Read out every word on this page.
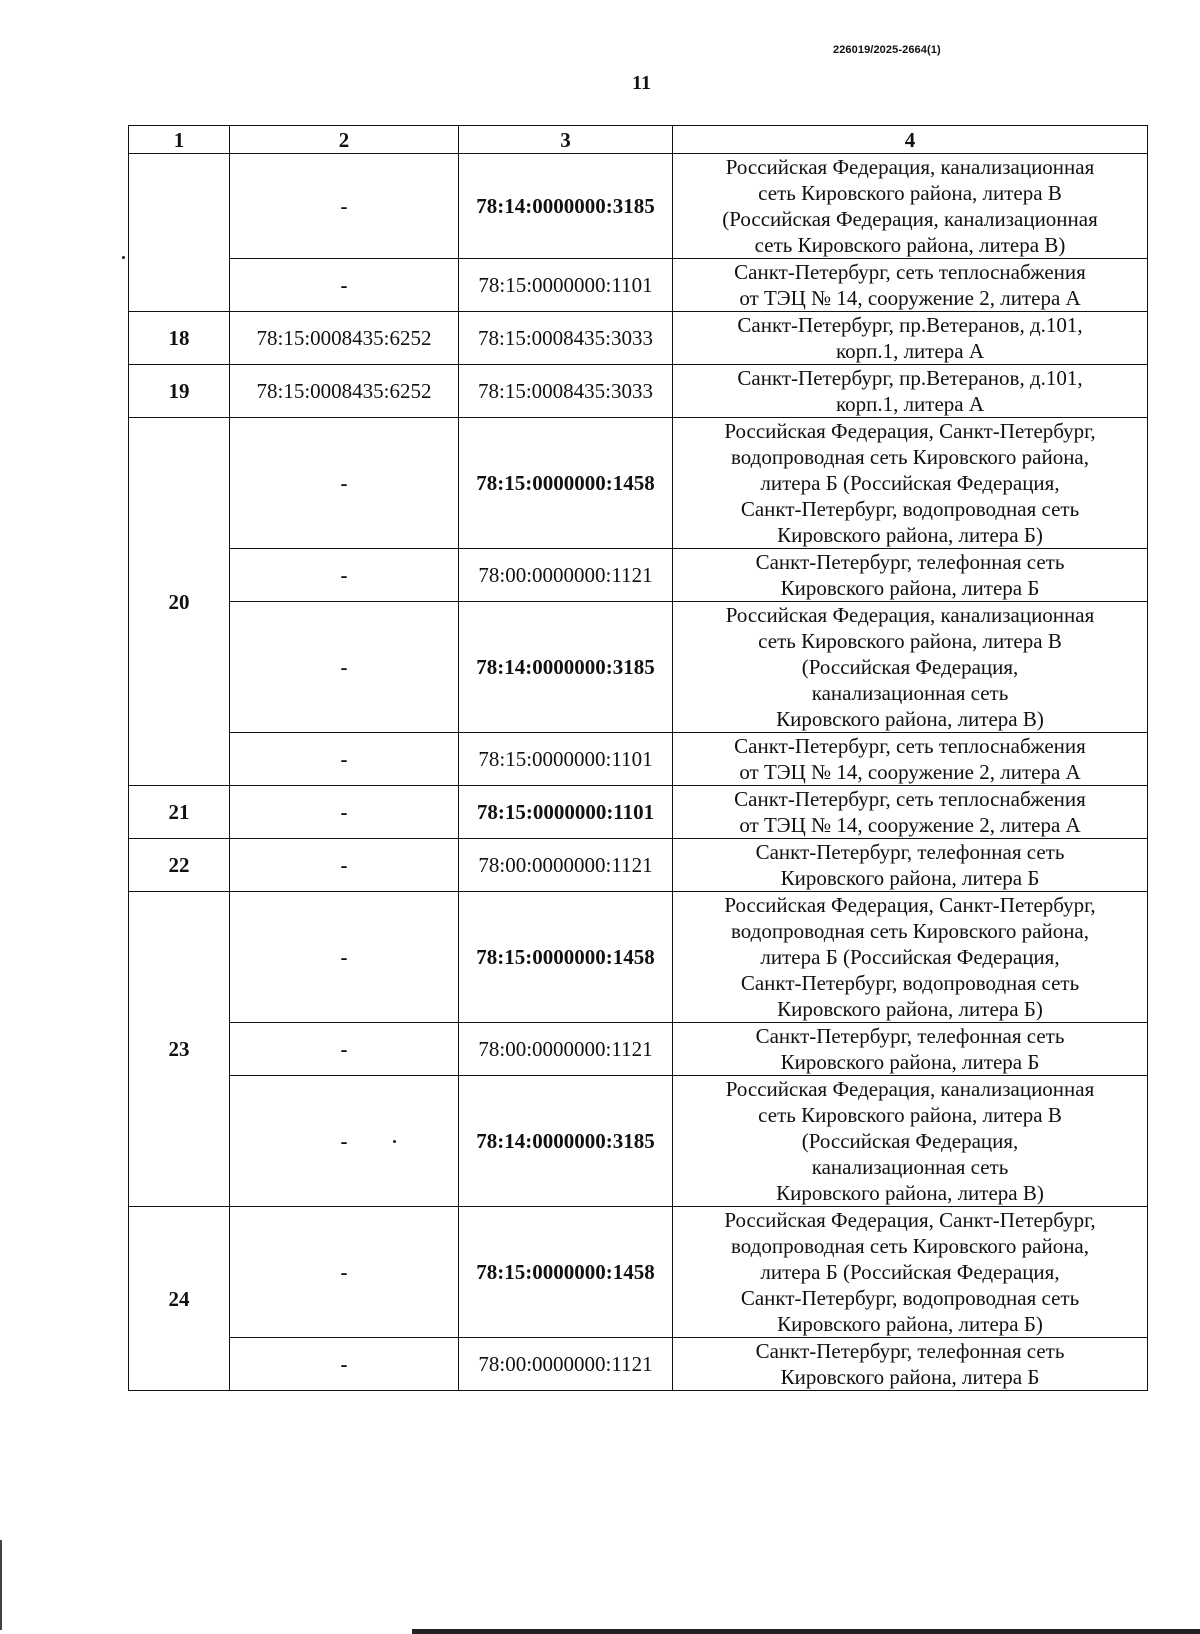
226019/2025-2664(1)
11
1	2	3	4
	-	78:14:0000000:3185	Российская Федерация, канализационная
сеть Кировского района, литера В
(Российская Федерация, канализационная
сеть Кировского района, литера В)

	-	78:15:0000000:1101	Санкт-Петербург, сеть теплоснабжения
от ТЭЦ № 14, сооружение 2, литера А

18	78:15:0008435:6252	78:15:0008435:3033	Санкт-Петербург, пр.Ветеранов, д.101,
корп.1, литера А

19	78:15:0008435:6252	78:15:0008435:3033	Санкт-Петербург, пр.Ветеранов, д.101,
корп.1, литера А

20	-	78:15:0000000:1458	Российская Федерация, Санкт-Петербург,
водопроводная сеть Кировского района,
литера Б (Российская Федерация,
Санкт-Петербург, водопроводная сеть
Кировского района, литера Б)

	-	78:00:0000000:1121	Санкт-Петербург, телефонная сеть
Кировского района, литера Б

	-	78:14:0000000:3185	Российская Федерация, канализационная
сеть Кировского района, литера В
(Российская Федерация,
канализационная сеть
Кировского района, литера В)

	-	78:15:0000000:1101	Санкт-Петербург, сеть теплоснабжения
от ТЭЦ № 14, сооружение 2, литера А

21	-	78:15:0000000:1101	Санкт-Петербург, сеть теплоснабжения
от ТЭЦ № 14, сооружение 2, литера А

22	-	78:00:0000000:1121	Санкт-Петербург, телефонная сеть
Кировского района, литера Б

23	-	78:15:0000000:1458	Российская Федерация, Санкт-Петербург,
водопроводная сеть Кировского района,
литера Б (Российская Федерация,
Санкт-Петербург, водопроводная сеть
Кировского района, литера Б)

	-	78:00:0000000:1121	Санкт-Петербург, телефонная сеть
Кировского района, литера Б

	-	78:14:0000000:3185	Российская Федерация, канализационная
сеть Кировского района, литера В
(Российская Федерация,
канализационная сеть
Кировского района, литера В)

24	-	78:15:0000000:1458	Российская Федерация, Санкт-Петербург,
водопроводная сеть Кировского района,
литера Б (Российская Федерация,
Санкт-Петербург, водопроводная сеть
Кировского района, литера Б)

	-	78:00:0000000:1121	Санкт-Петербург, телефонная сеть
Кировского района, литера Б
